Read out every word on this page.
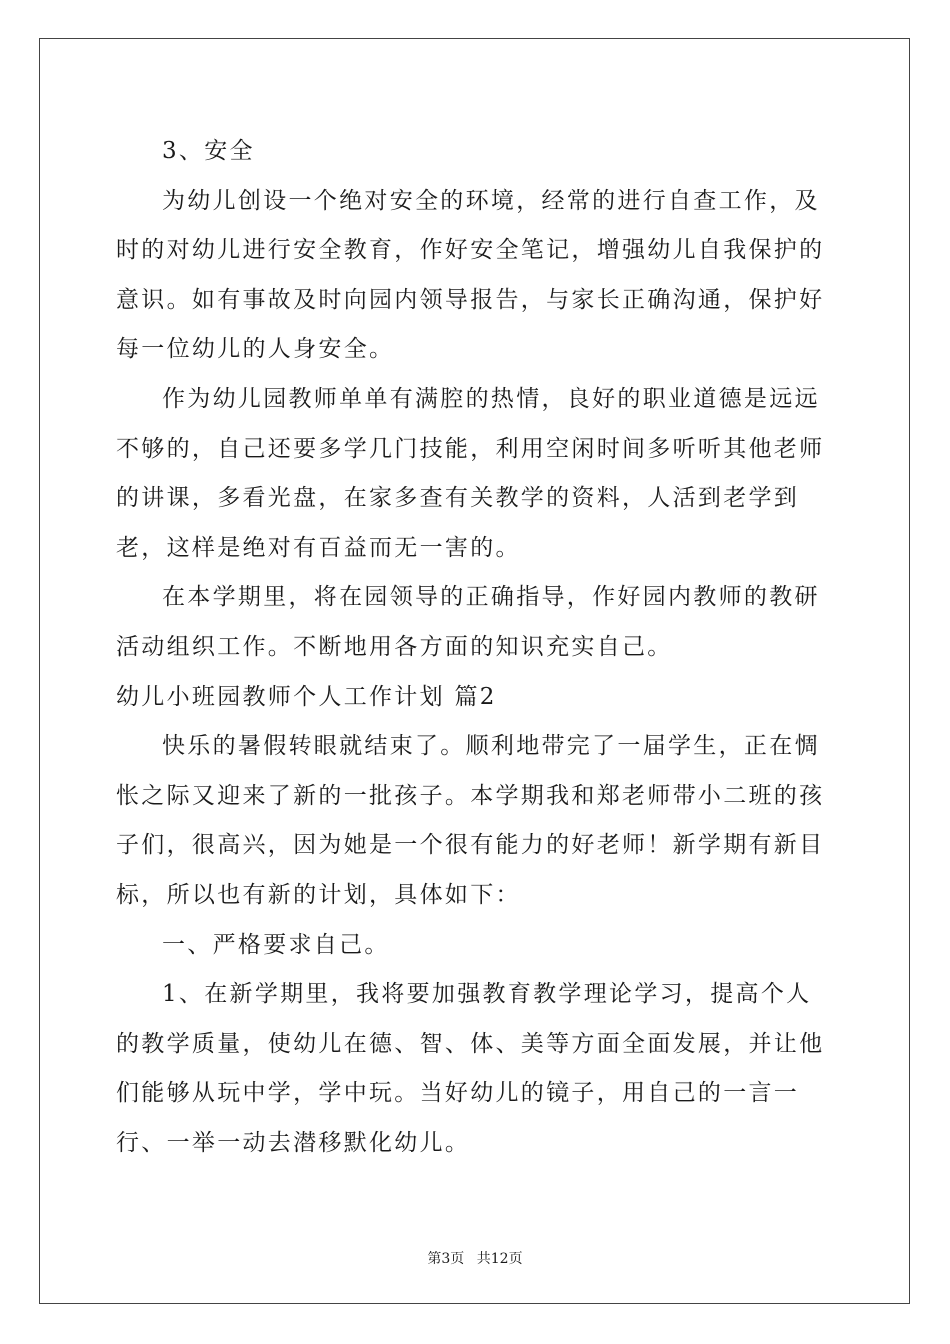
3、安全

为幼儿创设一个绝对安全的环境，经常的进行自查工作，及时的对幼儿进行安全教育，作好安全笔记，增强幼儿自我保护的意识。如有事故及时向园内领导报告，与家长正确沟通，保护好每一位幼儿的人身安全。

作为幼儿园教师单单有满腔的热情，良好的职业道德是远远不够的，自己还要多学几门技能，利用空闲时间多听听其他老师的讲课，多看光盘，在家多查有关教学的资料，人活到老学到老，这样是绝对有百益而无一害的。

在本学期里，将在园领导的正确指导，作好园内教师的教研活动组织工作。不断地用各方面的知识充实自己。

幼儿小班园教师个人工作计划 篇2

快乐的暑假转眼就结束了。顺利地带完了一届学生，正在惆怅之际又迎来了新的一批孩子。本学期我和郑老师带小二班的孩子们，很高兴，因为她是一个很有能力的好老师！新学期有新目标，所以也有新的计划，具体如下：

一、严格要求自己。

1、在新学期里，我将要加强教育教学理论学习，提高个人的教学质量，使幼儿在德、智、体、美等方面全面发展，并让他们能够从玩中学，学中玩。当好幼儿的镜子，用自己的一言一行、一举一动去潜移默化幼儿。

第3页 共12页
